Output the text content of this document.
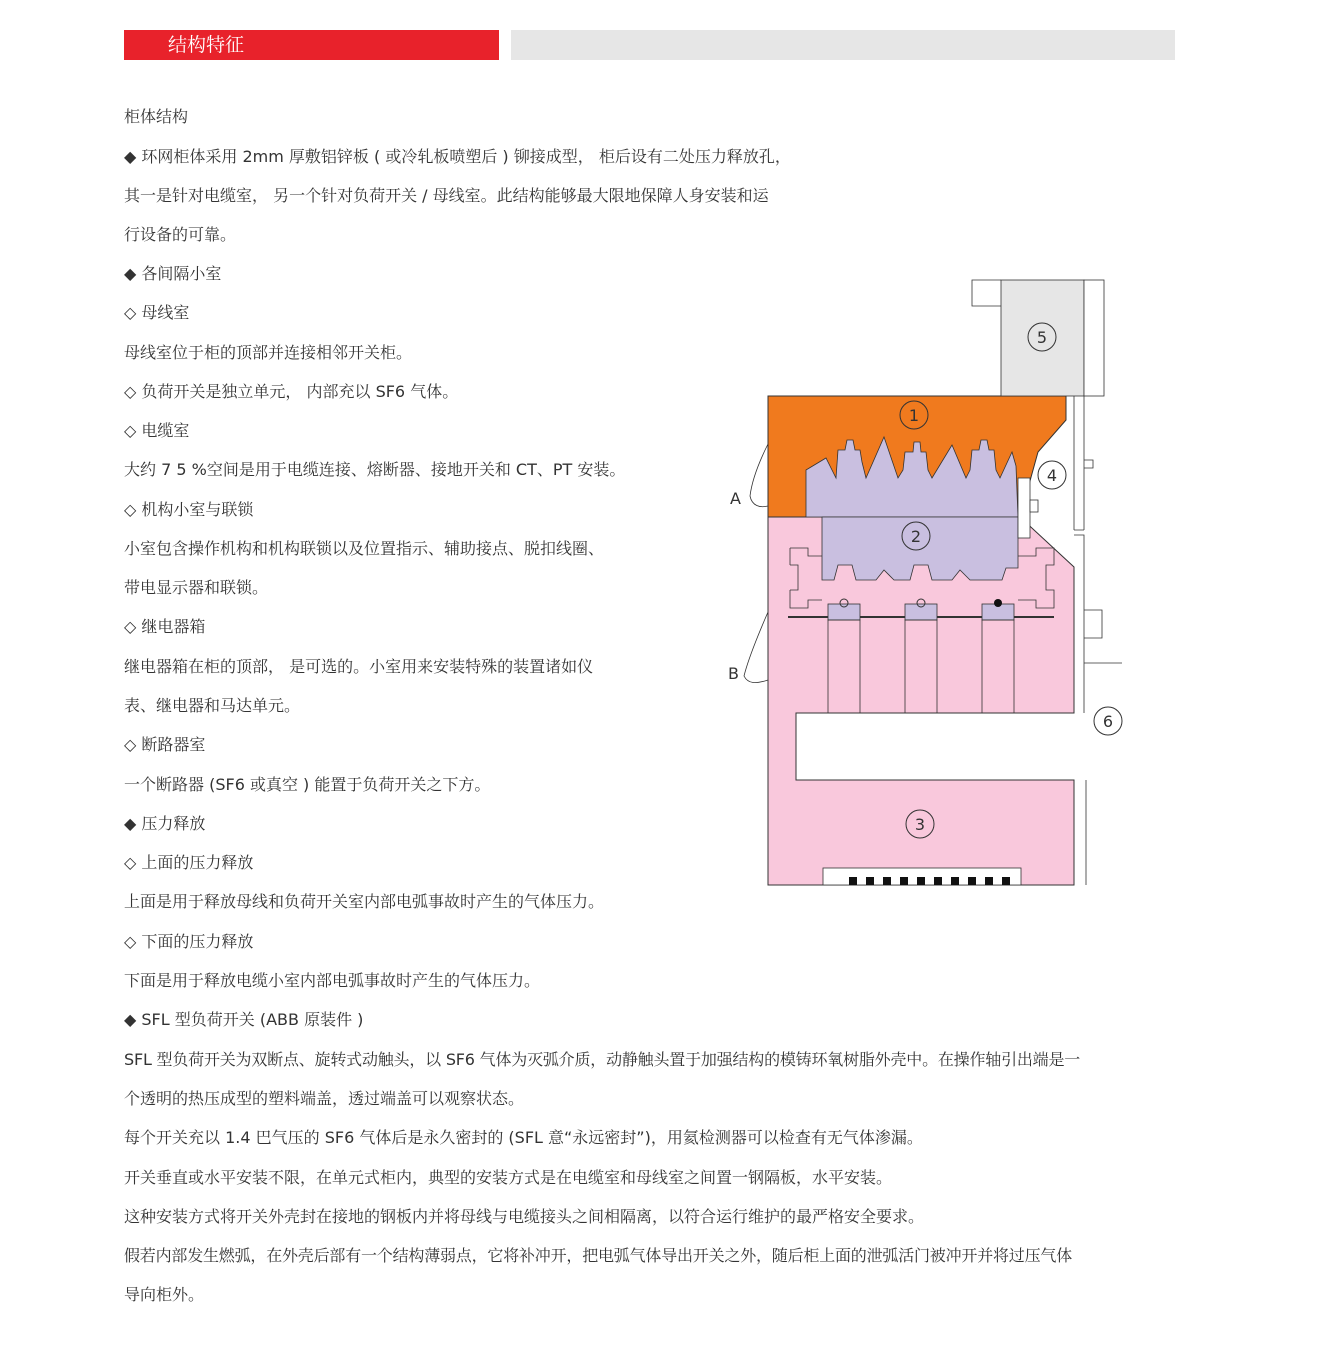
结构特征
柜体结构
◆ 环网柜体采用 2mm 厚敷铝锌板 ( 或冷轧板喷塑后 ) 铆接成型， 柜后设有二处压力释放孔，
其一是针对电缆室， 另一个针对负荷开关 / 母线室。此结构能够最大限地保障人身安装和运
行设备的可靠。
◆ 各间隔小室
◇ 母线室
母线室位于柜的顶部并连接相邻开关柜。
◇ 负荷开关是独立单元， 内部充以 SF6 气体。
◇ 电缆室
大约 7 5 %空间是用于电缆连接、熔断器、接地开关和 CT、PT 安装。
◇ 机构小室与联锁
小室包含操作机构和机构联锁以及位置指示、辅助接点、脱扣线圈、
带电显示器和联锁。
◇ 继电器箱
继电器箱在柜的顶部， 是可选的。小室用来安装特殊的装置诸如仪
表、继电器和马达单元。
◇ 断路器室
一个断路器 (SF6 或真空 ) 能置于负荷开关之下方。
◆ 压力释放
◇ 上面的压力释放
上面是用于释放母线和负荷开关室内部电弧事故时产生的气体压力。
◇ 下面的压力释放
下面是用于释放电缆小室内部电弧事故时产生的气体压力。
◆ SFL 型负荷开关 (ABB 原装件 )
SFL 型负荷开关为双断点、旋转式动触头，以 SF6 气体为灭弧介质，动静触头置于加强结构的模铸环氧树脂外壳中。在操作轴引出端是一
个透明的热压成型的塑料端盖，透过端盖可以观察状态。
每个开关充以 1.4 巴气压的 SF6 气体后是永久密封的 (SFL 意“永远密封”)，用氦检测器可以检查有无气体渗漏。
开关垂直或水平安装不限，在单元式柜内，典型的安装方式是在电缆室和母线室之间置一钢隔板，水平安装。
这种安装方式将开关外壳封在接地的钢板内并将母线与电缆接头之间相隔离，以符合运行维护的最严格安全要求。
假若内部发生燃弧，在外壳后部有一个结构薄弱点，它将补冲开，把电弧气体导出开关之外，随后柜上面的泄弧活门被冲开并将过压气体
导向柜外。
1
2
3
4
5
6
A
B
